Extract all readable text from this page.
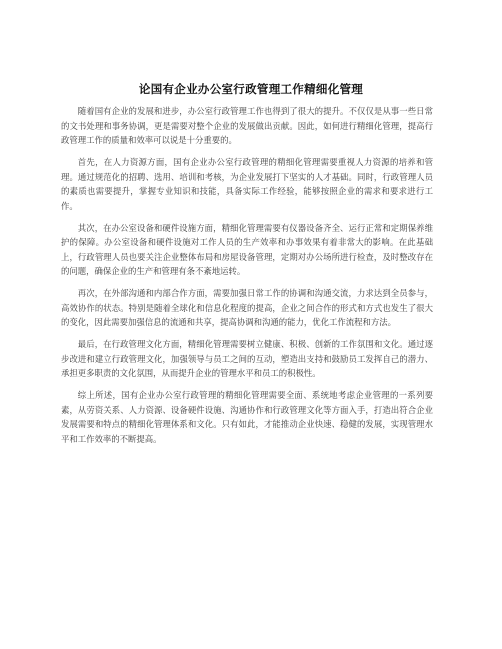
论国有企业办公室行政管理工作精细化管理

随着国有企业的发展和进步，办公室行政管理工作也得到了很大的提升。不仅仅是从事一些日常的文书处理和事务协调，更是需要对整个企业的发展做出贡献。因此，如何进行精细化管理，提高行政管理工作的质量和效率可以说是十分重要的。

首先，在人力资源方面，国有企业办公室行政管理的精细化管理需要重视人力资源的培养和管理。通过规范化的招聘、选用、培训和考核，为企业发展打下坚实的人才基础。同时，行政管理人员的素质也需要提升，掌握专业知识和技能，具备实际工作经验，能够按照企业的需求和要求进行工作。

其次，在办公室设备和硬件设施方面，精细化管理需要有仪器设备齐全、运行正常和定期保养维护的保障。办公室设备和硬件设施对工作人员的生产效率和办事效果有着非常大的影响。在此基础上，行政管理人员也要关注企业整体布局和房屋设备管理，定期对办公场所进行检查，及时整改存在的问题，确保企业的生产和管理有条不紊地运转。

再次，在外部沟通和内部合作方面，需要加强日常工作的协调和沟通交流，力求达到全员参与，高效协作的状态。特别是随着全球化和信息化程度的提高，企业之间合作的形式和方式也发生了很大的变化，因此需要加强信息的流通和共享，提高协调和沟通的能力，优化工作流程和方法。

最后，在行政管理文化方面，精细化管理需要树立健康、积极、创新的工作氛围和文化。通过逐步改进和建立行政管理文化，加强领导与员工之间的互动，塑造出支持和鼓励员工发挥自己的潜力、承担更多职责的文化氛围，从而提升企业的管理水平和员工的积极性。

综上所述，国有企业办公室行政管理的精细化管理需要全面、系统地考虑企业管理的一系列要素，从劳资关系、人力资源、设备硬件设施、沟通协作和行政管理文化等方面入手，打造出符合企业发展需要和特点的精细化管理体系和文化。只有如此，才能推动企业快速、稳健的发展，实现管理水平和工作效率的不断提高。
